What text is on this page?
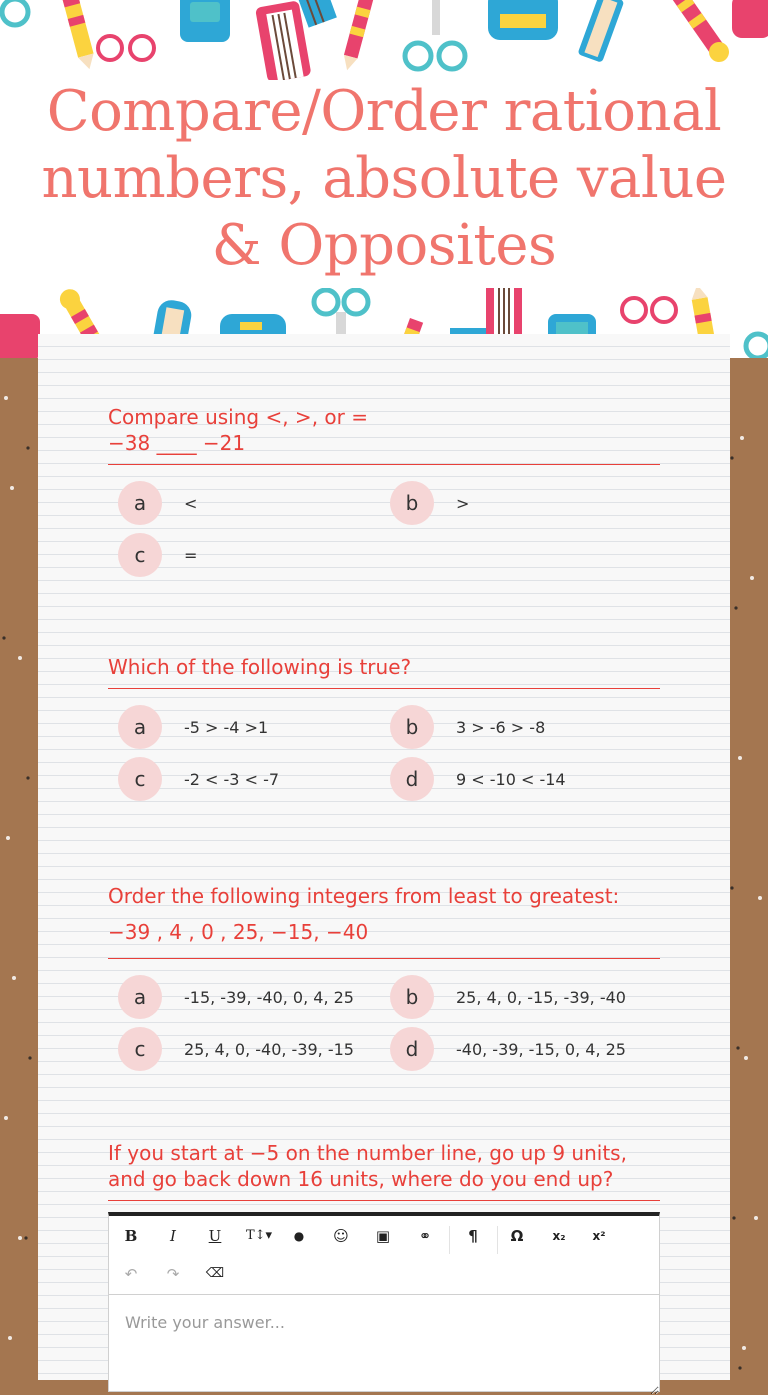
Compare/Order rational numbers, absolute value & Opposites
Compare using <, >, or =
−38 ____ −21
a	<	b	>
c	=
Which of the following is true?
a	-5 > -4 >1	b	3 > -6 > -8
c	-2 < -3 < -7	d	9 < -10 < -14
Order the following integers from least to greatest:
−39 , 4 , 0 , 25, −15, −40
a	-15, -39, -40, 0, 4, 25	b	25, 4, 0, -15, -39, -40
c	25, 4, 0, -40, -39, -15	d	-40, -39, -15, 0, 4, 25
If you start at −5 on the number line, go up 9 units,
and go back down 16 units, where do you end up?
B	I	U	T↕▾	●	☺	▣	⚭	¶	Ω	x₂	x²
↶	↷	⌫
Write your answer...
